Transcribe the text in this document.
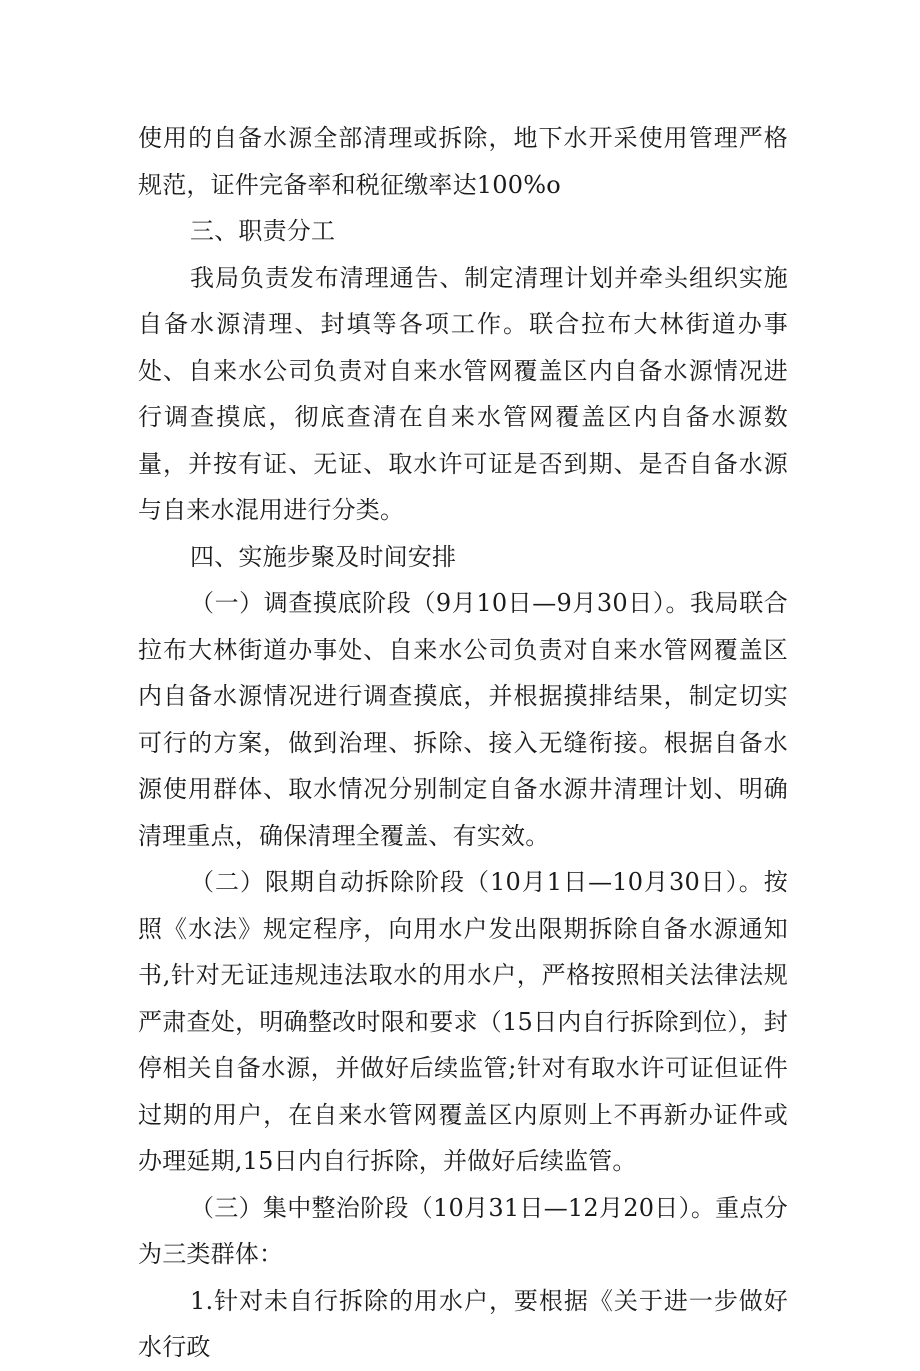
使用的自备水源全部清理或拆除，地下水开采使用管理严格规范，证件完备率和税征缴率达100%o

三、职责分工

我局负责发布清理通告、制定清理计划并牵头组织实施自备水源清理、封填等各项工作。联合拉布大林街道办事处、自来水公司负责对自来水管网覆盖区内自备水源情况进行调查摸底，彻底查清在自来水管网覆盖区内自备水源数量，并按有证、无证、取水许可证是否到期、是否自备水源与自来水混用进行分类。

四、实施步聚及时间安排

（一）调查摸底阶段（9月10日—9月30日）。我局联合拉布大林街道办事处、自来水公司负责对自来水管网覆盖区内自备水源情况进行调查摸底，并根据摸排结果，制定切实可行的方案，做到治理、拆除、接入无缝衔接。根据自备水源使用群体、取水情况分别制定自备水源井清理计划、明确清理重点，确保清理全覆盖、有实效。

（二）限期自动拆除阶段（10月1日—10月30日）。按照《水法》规定程序，向用水户发出限期拆除自备水源通知书,针对无证违规违法取水的用水户，严格按照相关法律法规严肃查处，明确整改时限和要求（15日内自行拆除到位），封停相关自备水源，并做好后续监管;针对有取水许可证但证件过期的用户，在自来水管网覆盖区内原则上不再新办证件或办理延期,15日内自行拆除，并做好后续监管。

（三）集中整治阶段（10月31日—12月20日）。重点分为三类群体：

1.针对未自行拆除的用水户，要根据《关于进一步做好水行政
